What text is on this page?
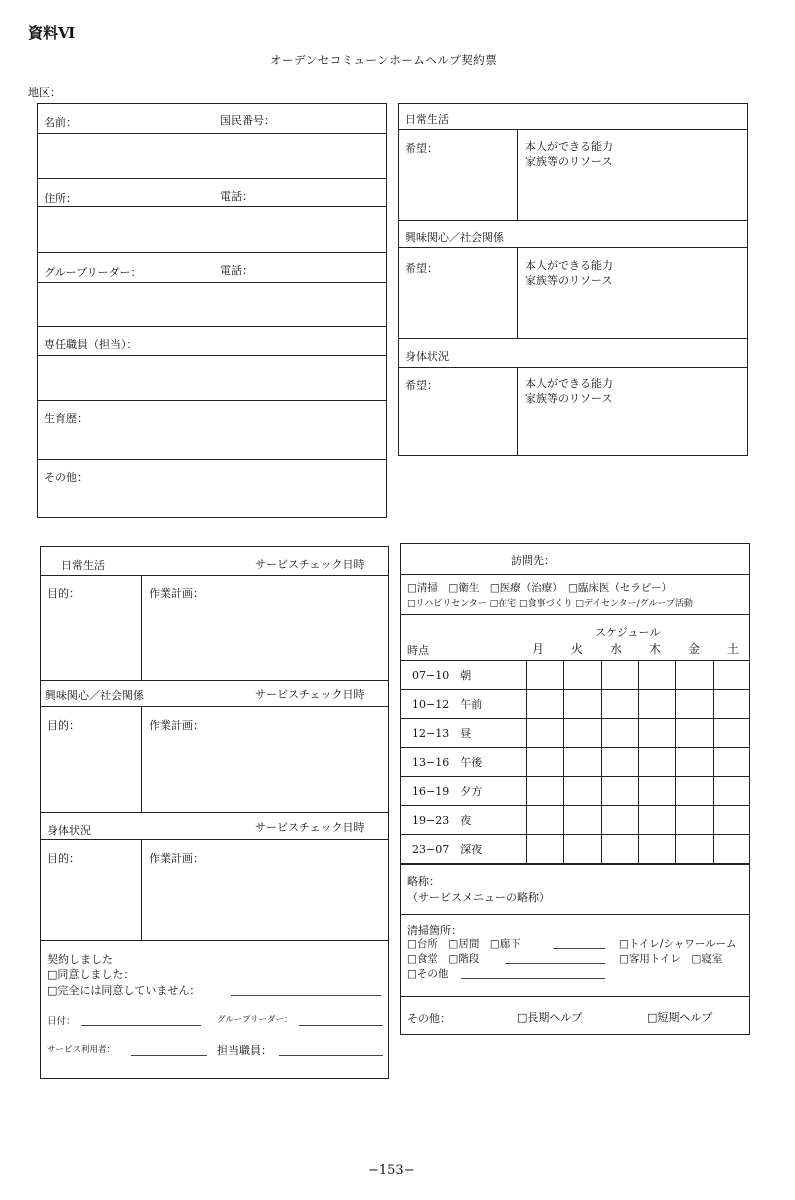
資料Ⅵ
オーデンセコミューンホームヘルプ契約票
地区：
名前：	国民番号：
住所：	電話：
グループリーダー：	電話：
専任職員（担当）：
生育歴：
その他：
日常生活
希望：	本人ができる能力
家族等のリソース
興味関心／社会関係
希望：	本人ができる能力
家族等のリソース
身体状況
希望：	本人ができる能力
家族等のリソース
日常生活	サービスチェック日時
目的：	作業計画：
興味関心／社会関係	サービスチェック日時
目的：	作業計画：
身体状況	サービスチェック日時
目的：	作業計画：
契約しました
□同意しました：
□完全には同意していません：
日付：	グループリーダー：
サービス利用者：	担当職員：
訪問先：
□清掃　□衛生　□医療（治療）　□臨床医（セラピー）
□リハビリセンター □在宅 □食事づくり □デイセンター/グループ活動
スケジュール
時点	月 火 水 木 金 土
07−10　朝						
10−12　午前						
12−13　昼						
13−16　午後						
16−19　夕方						
19−23　夜						
23−07　深夜						
略称：
（サービスメニューの略称）
清掃箇所：
□台所　□居間　□廊下	□トイレ/シャワールーム
□食堂　□階段	□客用トイレ　□寝室
□その他
その他：	□長期ヘルプ	□短期ヘルプ
−153−
